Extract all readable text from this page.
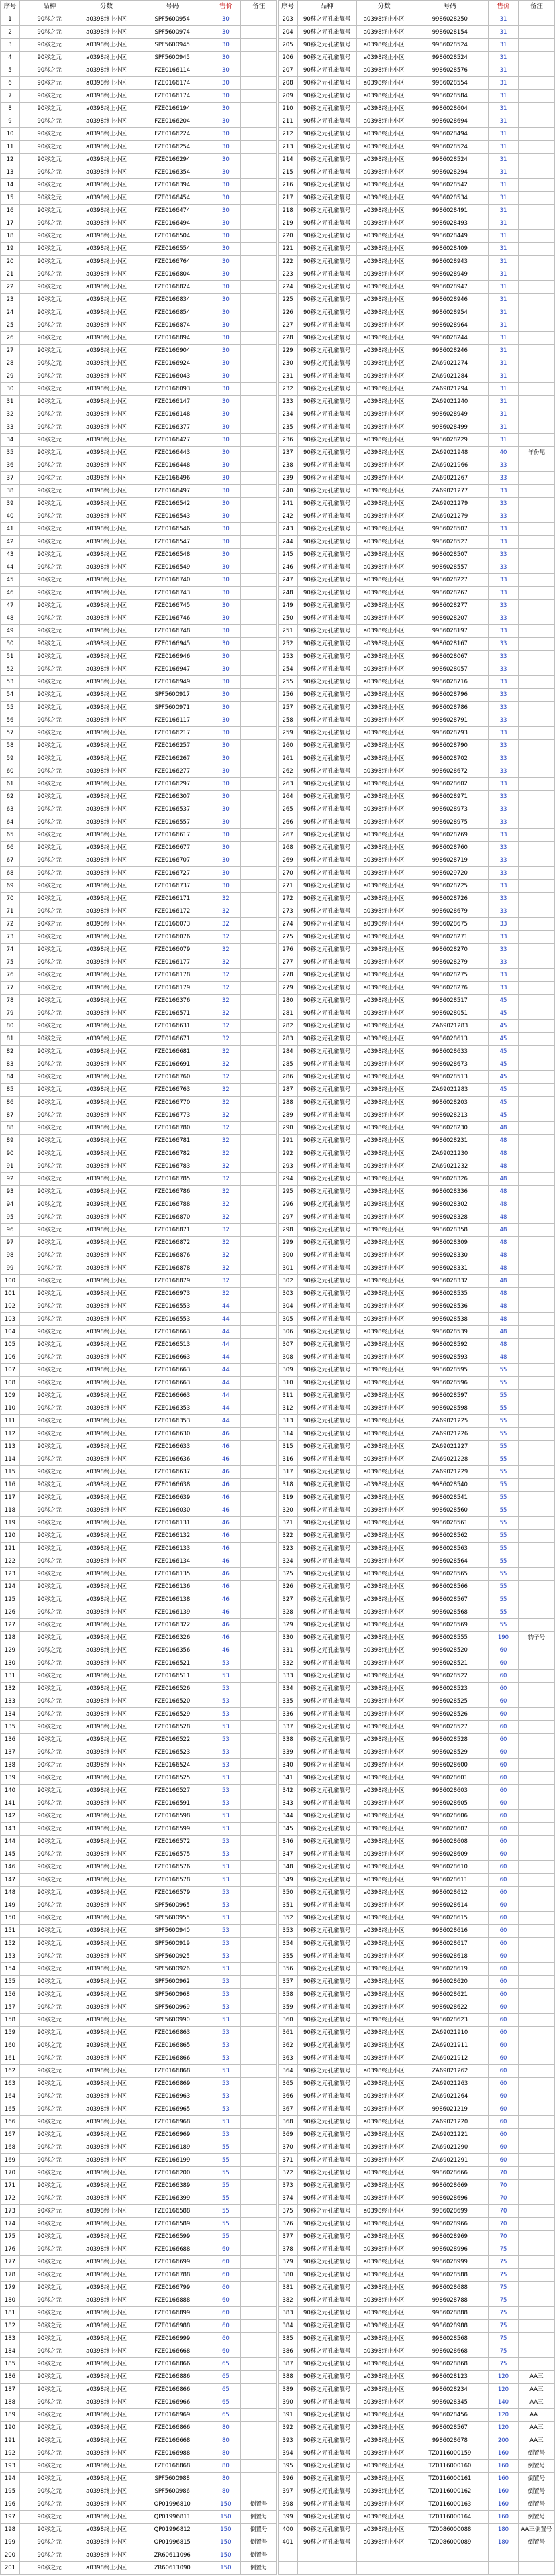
序号	品种	分数	号码	售价	备注		序号	品种	分数	号码	售价	备注
1	90移之元	a0398终止小区	SPF5600954	30			203	90移之元孔雀靓号	a0398终止小区	9986028250	31	
2	90移之元	a0398终止小区	SPF5600974	30			204	90移之元孔雀靓号	a0398终止小区	9986028154	31	
3	90移之元	a0398终止小区	SPF5600945	30			205	90移之元孔雀靓号	a0398终止小区	9986028524	31	
4	90移之元	a0398终止小区	SPF5600945	30			206	90移之元孔雀靓号	a0398终止小区	9986028524	31	
5	90移之元	a0398终止小区	FZE0166114	30			207	90移之元孔雀靓号	a0398终止小区	9986028576	31	
6	90移之元	a0398终止小区	FZE0166174	30			208	90移之元孔雀靓号	a0398终止小区	9986028554	31	
7	90移之元	a0398终止小区	FZE0166174	30			209	90移之元孔雀靓号	a0398终止小区	9986028584	31	
8	90移之元	a0398终止小区	FZE0166194	30			210	90移之元孔雀靓号	a0398终止小区	9986028604	31	
9	90移之元	a0398终止小区	FZE0166204	30			211	90移之元孔雀靓号	a0398终止小区	9986028694	31	
10	90移之元	a0398终止小区	FZE0166224	30			212	90移之元孔雀靓号	a0398终止小区	9986028494	31	
11	90移之元	a0398终止小区	FZE0166254	30			213	90移之元孔雀靓号	a0398终止小区	9986028524	31	
12	90移之元	a0398终止小区	FZE0166294	30			214	90移之元孔雀靓号	a0398终止小区	9986028524	31	
13	90移之元	a0398终止小区	FZE0166354	30			215	90移之元孔雀靓号	a0398终止小区	9986028294	31	
14	90移之元	a0398终止小区	FZE0166394	30			216	90移之元孔雀靓号	a0398终止小区	9986028542	31	
15	90移之元	a0398终止小区	FZE0166454	30			217	90移之元孔雀靓号	a0398终止小区	9986028534	31	
16	90移之元	a0398终止小区	FZE0166474	30			218	90移之元孔雀靓号	a0398终止小区	9986028491	31	
17	90移之元	a0398终止小区	FZE0166494	30			219	90移之元孔雀靓号	a0398终止小区	9986028493	31	
18	90移之元	a0398终止小区	FZE0166504	30			220	90移之元孔雀靓号	a0398终止小区	9986028449	31	
19	90移之元	a0398终止小区	FZE0166554	30			221	90移之元孔雀靓号	a0398终止小区	9986028409	31	
20	90移之元	a0398终止小区	FZE0166764	30			222	90移之元孔雀靓号	a0398终止小区	9986028943	31	
21	90移之元	a0398终止小区	FZE0166804	30			223	90移之元孔雀靓号	a0398终止小区	9986028949	31	
22	90移之元	a0398终止小区	FZE0166824	30			224	90移之元孔雀靓号	a0398终止小区	9986028947	31	
23	90移之元	a0398终止小区	FZE0166834	30			225	90移之元孔雀靓号	a0398终止小区	9986028946	31	
24	90移之元	a0398终止小区	FZE0166854	30			226	90移之元孔雀靓号	a0398终止小区	9986028954	31	
25	90移之元	a0398终止小区	FZE0166874	30			227	90移之元孔雀靓号	a0398终止小区	9986028964	31	
26	90移之元	a0398终止小区	FZE0166894	30			228	90移之元孔雀靓号	a0398终止小区	9986028244	31	
27	90移之元	a0398终止小区	FZE0166904	30			229	90移之元孔雀靓号	a0398终止小区	9986028246	31	
28	90移之元	a0398终止小区	FZE0166924	30			230	90移之元孔雀靓号	a0398终止小区	ZA69021274	31	
29	90移之元	a0398终止小区	FZE0166043	30			231	90移之元孔雀靓号	a0398终止小区	ZA69021284	31	
30	90移之元	a0398终止小区	FZE0166093	30			232	90移之元孔雀靓号	a0398终止小区	ZA69021294	31	
31	90移之元	a0398终止小区	FZE0166147	30			233	90移之元孔雀靓号	a0398终止小区	ZA69021240	31	
32	90移之元	a0398终止小区	FZE0166148	30			234	90移之元孔雀靓号	a0398终止小区	9986028949	31	
33	90移之元	a0398终止小区	FZE0166377	30			235	90移之元孔雀靓号	a0398终止小区	9986028499	31	
34	90移之元	a0398终止小区	FZE0166427	30			236	90移之元孔雀靓号	a0398终止小区	9986028229	31	
35	90移之元	a0398终止小区	FZE0166443	30			237	90移之元孔雀靓号	a0398终止小区	ZA69021948	40	年份尾
36	90移之元	a0398终止小区	FZE0166448	30			238	90移之元孔雀靓号	a0398终止小区	ZA69021966	33	
37	90移之元	a0398终止小区	FZE0166496	30			239	90移之元孔雀靓号	a0398终止小区	ZA69021267	33	
38	90移之元	a0398终止小区	FZE0166497	30			240	90移之元孔雀靓号	a0398终止小区	ZA69021277	33	
39	90移之元	a0398终止小区	FZE0166542	30			241	90移之元孔雀靓号	a0398终止小区	ZA69021279	33	
40	90移之元	a0398终止小区	FZE0166543	30			242	90移之元孔雀靓号	a0398终止小区	ZA69021279	33	
41	90移之元	a0398终止小区	FZE0166546	30			243	90移之元孔雀靓号	a0398终止小区	9986028507	33	
42	90移之元	a0398终止小区	FZE0166547	30			244	90移之元孔雀靓号	a0398终止小区	9986028527	33	
43	90移之元	a0398终止小区	FZE0166548	30			245	90移之元孔雀靓号	a0398终止小区	9986028507	33	
44	90移之元	a0398终止小区	FZE0166549	30			246	90移之元孔雀靓号	a0398终止小区	9986028557	33	
45	90移之元	a0398终止小区	FZE0166740	30			247	90移之元孔雀靓号	a0398终止小区	9986028227	33	
46	90移之元	a0398终止小区	FZE0166743	30			248	90移之元孔雀靓号	a0398终止小区	9986028267	33	
47	90移之元	a0398终止小区	FZE0166745	30			249	90移之元孔雀靓号	a0398终止小区	9986028277	33	
48	90移之元	a0398终止小区	FZE0166746	30			250	90移之元孔雀靓号	a0398终止小区	9986028207	33	
49	90移之元	a0398终止小区	FZE0166748	30			251	90移之元孔雀靓号	a0398终止小区	9986028197	33	
50	90移之元	a0398终止小区	FZE0166945	30			252	90移之元孔雀靓号	a0398终止小区	9986028167	33	
51	90移之元	a0398终止小区	FZE0166946	30			253	90移之元孔雀靓号	a0398终止小区	9986028067	33	
52	90移之元	a0398终止小区	FZE0166947	30			254	90移之元孔雀靓号	a0398终止小区	9986028057	33	
53	90移之元	a0398终止小区	FZE0166949	30			255	90移之元孔雀靓号	a0398终止小区	9986028716	33	
54	90移之元	a0398终止小区	SPF5600917	30			256	90移之元孔雀靓号	a0398终止小区	9986028796	33	
55	90移之元	a0398终止小区	SPF5600971	30			257	90移之元孔雀靓号	a0398终止小区	9986028786	33	
56	90移之元	a0398终止小区	FZE0166117	30			258	90移之元孔雀靓号	a0398终止小区	9986028791	33	
57	90移之元	a0398终止小区	FZE0166217	30			259	90移之元孔雀靓号	a0398终止小区	9986028793	33	
58	90移之元	a0398终止小区	FZE0166257	30			260	90移之元孔雀靓号	a0398终止小区	9986028790	33	
59	90移之元	a0398终止小区	FZE0166267	30			261	90移之元孔雀靓号	a0398终止小区	9986028702	33	
60	90移之元	a0398终止小区	FZE0166277	30			262	90移之元孔雀靓号	a0398终止小区	9986028672	33	
61	90移之元	a0398终止小区	FZE0166297	30			263	90移之元孔雀靓号	a0398终止小区	9986028602	33	
62	90移之元	a0398终止小区	FZE0166307	30			264	90移之元孔雀靓号	a0398终止小区	9986028971	33	
63	90移之元	a0398终止小区	FZE0166537	30			265	90移之元孔雀靓号	a0398终止小区	9986028973	33	
64	90移之元	a0398终止小区	FZE0166557	30			266	90移之元孔雀靓号	a0398终止小区	9986028975	33	
65	90移之元	a0398终止小区	FZE0166617	30			267	90移之元孔雀靓号	a0398终止小区	9986028769	33	
66	90移之元	a0398终止小区	FZE0166677	30			268	90移之元孔雀靓号	a0398终止小区	9986028760	33	
67	90移之元	a0398终止小区	FZE0166707	30			269	90移之元孔雀靓号	a0398终止小区	9986028719	33	
68	90移之元	a0398终止小区	FZE0166727	30			270	90移之元孔雀靓号	a0398终止小区	9986029720	33	
69	90移之元	a0398终止小区	FZE0166737	30			271	90移之元孔雀靓号	a0398终止小区	9986028725	33	
70	90移之元	a0398终止小区	FZE0166171	32			272	90移之元孔雀靓号	a0398终止小区	9986028726	33	
71	90移之元	a0398终止小区	FZE0166172	32			273	90移之元孔雀靓号	a0398终止小区	9986028679	33	
72	90移之元	a0398终止小区	FZE0166073	32			274	90移之元孔雀靓号	a0398终止小区	9986028675	33	
73	90移之元	a0398终止小区	FZE0166076	32			275	90移之元孔雀靓号	a0398终止小区	9986028271	33	
74	90移之元	a0398终止小区	FZE0166079	32			276	90移之元孔雀靓号	a0398终止小区	9986028270	33	
75	90移之元	a0398终止小区	FZE0166177	32			277	90移之元孔雀靓号	a0398终止小区	9986028279	33	
76	90移之元	a0398终止小区	FZE0166178	32			278	90移之元孔雀靓号	a0398终止小区	9986028275	33	
77	90移之元	a0398终止小区	FZE0166179	32			279	90移之元孔雀靓号	a0398终止小区	9986028276	33	
78	90移之元	a0398终止小区	FZE0166376	32			280	90移之元孔雀靓号	a0398终止小区	9986028517	45	
79	90移之元	a0398终止小区	FZE0166571	32			281	90移之元孔雀靓号	a0398终止小区	9986028051	45	
80	90移之元	a0398终止小区	FZE0166631	32			282	90移之元孔雀靓号	a0398终止小区	ZA69021283	45	
81	90移之元	a0398终止小区	FZE0166671	32			283	90移之元孔雀靓号	a0398终止小区	9986028613	45	
82	90移之元	a0398终止小区	FZE0166681	32			284	90移之元孔雀靓号	a0398终止小区	9986028633	45	
83	90移之元	a0398终止小区	FZE0166691	32			285	90移之元孔雀靓号	a0398终止小区	9986028673	45	
84	90移之元	a0398终止小区	FZE0166760	32			286	90移之元孔雀靓号	a0398终止小区	9986028513	45	
85	90移之元	a0398终止小区	FZE0166763	32			287	90移之元孔雀靓号	a0398终止小区	ZA69021283	45	
86	90移之元	a0398终止小区	FZE0166770	32			288	90移之元孔雀靓号	a0398终止小区	9986028203	45	
87	90移之元	a0398终止小区	FZE0166773	32			289	90移之元孔雀靓号	a0398终止小区	9986028213	45	
88	90移之元	a0398终止小区	FZE0166780	32			290	90移之元孔雀靓号	a0398终止小区	9986028230	48	
89	90移之元	a0398终止小区	FZE0166781	32			291	90移之元孔雀靓号	a0398终止小区	9986028231	48	
90	90移之元	a0398终止小区	FZE0166782	32			292	90移之元孔雀靓号	a0398终止小区	ZA69021230	48	
91	90移之元	a0398终止小区	FZE0166783	32			293	90移之元孔雀靓号	a0398终止小区	ZA69021232	48	
92	90移之元	a0398终止小区	FZE0166785	32			294	90移之元孔雀靓号	a0398终止小区	9986028326	48	
93	90移之元	a0398终止小区	FZE0166786	32			295	90移之元孔雀靓号	a0398终止小区	9986028336	48	
94	90移之元	a0398终止小区	FZE0166788	32			296	90移之元孔雀靓号	a0398终止小区	9986028302	48	
95	90移之元	a0398终止小区	FZE0166870	32			297	90移之元孔雀靓号	a0398终止小区	9986028328	48	
96	90移之元	a0398终止小区	FZE0166871	32			298	90移之元孔雀靓号	a0398终止小区	9986028358	48	
97	90移之元	a0398终止小区	FZE0166872	32			299	90移之元孔雀靓号	a0398终止小区	9986028309	48	
98	90移之元	a0398终止小区	FZE0166876	32			300	90移之元孔雀靓号	a0398终止小区	9986028330	48	
99	90移之元	a0398终止小区	FZE0166878	32			301	90移之元孔雀靓号	a0398终止小区	9986028331	48	
100	90移之元	a0398终止小区	FZE0166879	32			302	90移之元孔雀靓号	a0398终止小区	9986028332	48	
101	90移之元	a0398终止小区	FZE0166973	32			303	90移之元孔雀靓号	a0398终止小区	9986028535	48	
102	90移之元	a0398终止小区	FZE0166553	44			304	90移之元孔雀靓号	a0398终止小区	9986028536	48	
103	90移之元	a0398终止小区	FZE0166553	44			305	90移之元孔雀靓号	a0398终止小区	9986028538	48	
104	90移之元	a0398终止小区	FZE0166663	44			306	90移之元孔雀靓号	a0398终止小区	9986028539	48	
105	90移之元	a0398终止小区	FZE0166513	44			307	90移之元孔雀靓号	a0398终止小区	9986028592	48	
106	90移之元	a0398终止小区	FZE0166663	44			308	90移之元孔雀靓号	a0398终止小区	9986028593	48	
107	90移之元	a0398终止小区	FZE0166663	44			309	90移之元孔雀靓号	a0398终止小区	9986028595	55	
108	90移之元	a0398终止小区	FZE0166663	44			310	90移之元孔雀靓号	a0398终止小区	9986028596	55	
109	90移之元	a0398终止小区	FZE0166663	44			311	90移之元孔雀靓号	a0398终止小区	9986028597	55	
110	90移之元	a0398终止小区	FZE0166353	44			312	90移之元孔雀靓号	a0398终止小区	9986028598	55	
111	90移之元	a0398终止小区	FZE0166353	44			313	90移之元孔雀靓号	a0398终止小区	ZA69021225	55	
112	90移之元	a0398终止小区	FZE0166630	46			314	90移之元孔雀靓号	a0398终止小区	ZA69021226	55	
113	90移之元	a0398终止小区	FZE0166633	46			315	90移之元孔雀靓号	a0398终止小区	ZA69021227	55	
114	90移之元	a0398终止小区	FZE0166636	46			316	90移之元孔雀靓号	a0398终止小区	ZA69021228	55	
115	90移之元	a0398终止小区	FZE0166637	46			317	90移之元孔雀靓号	a0398终止小区	ZA69021229	55	
116	90移之元	a0398终止小区	FZE0166638	46			318	90移之元孔雀靓号	a0398终止小区	9986028540	55	
117	90移之元	a0398终止小区	FZE0166639	46			319	90移之元孔雀靓号	a0398终止小区	9986028541	55	
118	90移之元	a0398终止小区	FZE0166030	46			320	90移之元孔雀靓号	a0398终止小区	9986028560	55	
119	90移之元	a0398终止小区	FZE0166131	46			321	90移之元孔雀靓号	a0398终止小区	9986028561	55	
120	90移之元	a0398终止小区	FZE0166132	46			322	90移之元孔雀靓号	a0398终止小区	9986028562	55	
121	90移之元	a0398终止小区	FZE0166133	46			323	90移之元孔雀靓号	a0398终止小区	9986028563	55	
122	90移之元	a0398终止小区	FZE0166134	46			324	90移之元孔雀靓号	a0398终止小区	9986028564	55	
123	90移之元	a0398终止小区	FZE0166135	46			325	90移之元孔雀靓号	a0398终止小区	9986028565	55	
124	90移之元	a0398终止小区	FZE0166136	46			326	90移之元孔雀靓号	a0398终止小区	9986028566	55	
125	90移之元	a0398终止小区	FZE0166138	46			327	90移之元孔雀靓号	a0398终止小区	9986028567	55	
126	90移之元	a0398终止小区	FZE0166139	46			328	90移之元孔雀靓号	a0398终止小区	9986028568	55	
127	90移之元	a0398终止小区	FZE0166322	46			329	90移之元孔雀靓号	a0398终止小区	9986028569	55	
128	90移之元	a0398终止小区	FZE0166326	46			330	90移之元孔雀靓号	a0398终止小区	9986028555	190	豹子号
129	90移之元	a0398终止小区	FZE0166356	46			331	90移之元孔雀靓号	a0398终止小区	9986028520	60	
130	90移之元	a0398终止小区	FZE0166521	53			332	90移之元孔雀靓号	a0398终止小区	9986028521	60	
131	90移之元	a0398终止小区	FZE0166511	53			333	90移之元孔雀靓号	a0398终止小区	9986028522	60	
132	90移之元	a0398终止小区	FZE0166526	53			334	90移之元孔雀靓号	a0398终止小区	9986028523	60	
133	90移之元	a0398终止小区	FZE0166520	53			335	90移之元孔雀靓号	a0398终止小区	9986028525	60	
134	90移之元	a0398终止小区	FZE0166529	53			336	90移之元孔雀靓号	a0398终止小区	9986028526	60	
135	90移之元	a0398终止小区	FZE0166528	53			337	90移之元孔雀靓号	a0398终止小区	9986028527	60	
136	90移之元	a0398终止小区	FZE0166522	53			338	90移之元孔雀靓号	a0398终止小区	9986028528	60	
137	90移之元	a0398终止小区	FZE0166523	53			339	90移之元孔雀靓号	a0398终止小区	9986028529	60	
138	90移之元	a0398终止小区	FZE0166524	53			340	90移之元孔雀靓号	a0398终止小区	9986028600	60	
139	90移之元	a0398终止小区	FZE0166525	53			341	90移之元孔雀靓号	a0398终止小区	9986028601	60	
140	90移之元	a0398终止小区	FZE0166527	53			342	90移之元孔雀靓号	a0398终止小区	9986028603	60	
141	90移之元	a0398终止小区	FZE0166591	53			343	90移之元孔雀靓号	a0398终止小区	9986028605	60	
142	90移之元	a0398终止小区	FZE0166598	53			344	90移之元孔雀靓号	a0398终止小区	9986028606	60	
143	90移之元	a0398终止小区	FZE0166599	53			345	90移之元孔雀靓号	a0398终止小区	9986028607	60	
144	90移之元	a0398终止小区	FZE0166572	53			346	90移之元孔雀靓号	a0398终止小区	9986028608	60	
145	90移之元	a0398终止小区	FZE0166575	53			347	90移之元孔雀靓号	a0398终止小区	9986028609	60	
146	90移之元	a0398终止小区	FZE0166576	53			348	90移之元孔雀靓号	a0398终止小区	9986028610	60	
147	90移之元	a0398终止小区	FZE0166578	53			349	90移之元孔雀靓号	a0398终止小区	9986028611	60	
148	90移之元	a0398终止小区	FZE0166579	53			350	90移之元孔雀靓号	a0398终止小区	9986028612	60	
149	90移之元	a0398终止小区	SPF5600965	53			351	90移之元孔雀靓号	a0398终止小区	9986028614	60	
150	90移之元	a0398终止小区	SPF5600955	53			352	90移之元孔雀靓号	a0398终止小区	9986028615	60	
151	90移之元	a0398终止小区	SPF5600940	53			353	90移之元孔雀靓号	a0398终止小区	9986028616	60	
152	90移之元	a0398终止小区	SPF5600919	53			354	90移之元孔雀靓号	a0398终止小区	9986028617	60	
153	90移之元	a0398终止小区	SPF5600925	53			355	90移之元孔雀靓号	a0398终止小区	9986028618	60	
154	90移之元	a0398终止小区	SPF5600926	53			356	90移之元孔雀靓号	a0398终止小区	9986028619	60	
155	90移之元	a0398终止小区	SPF5600962	53			357	90移之元孔雀靓号	a0398终止小区	9986028620	60	
156	90移之元	a0398终止小区	SPF5600968	53			358	90移之元孔雀靓号	a0398终止小区	9986028621	60	
157	90移之元	a0398终止小区	SPF5600969	53			359	90移之元孔雀靓号	a0398终止小区	9986028622	60	
158	90移之元	a0398终止小区	SPF5600990	53			360	90移之元孔雀靓号	a0398终止小区	9986028623	60	
159	90移之元	a0398终止小区	FZE0166863	53			361	90移之元孔雀靓号	a0398终止小区	ZA69021910	60	
160	90移之元	a0398终止小区	FZE0166865	53			362	90移之元孔雀靓号	a0398终止小区	ZA69021911	60	
161	90移之元	a0398终止小区	FZE0166866	53			363	90移之元孔雀靓号	a0398终止小区	ZA69021912	60	
162	90移之元	a0398终止小区	FZE0166868	53			364	90移之元孔雀靓号	a0398终止小区	ZA69021262	60	
163	90移之元	a0398终止小区	FZE0166869	53			365	90移之元孔雀靓号	a0398终止小区	ZA69021263	60	
164	90移之元	a0398终止小区	FZE0166963	53			366	90移之元孔雀靓号	a0398终止小区	ZA69021264	60	
165	90移之元	a0398终止小区	FZE0166965	53			367	90移之元孔雀靓号	a0398终止小区	9986021219	60	
166	90移之元	a0398终止小区	FZE0166968	53			368	90移之元孔雀靓号	a0398终止小区	ZA69021220	60	
167	90移之元	a0398终止小区	FZE0166969	53			369	90移之元孔雀靓号	a0398终止小区	ZA69021221	60	
168	90移之元	a0398终止小区	FZE0166189	55			370	90移之元孔雀靓号	a0398终止小区	ZA69021290	60	
169	90移之元	a0398终止小区	FZE0166199	55			371	90移之元孔雀靓号	a0398终止小区	ZA69021291	60	
170	90移之元	a0398终止小区	FZE0166200	55			372	90移之元孔雀靓号	a0398终止小区	9986028666	70	
171	90移之元	a0398终止小区	FZE0166389	55			373	90移之元孔雀靓号	a0398终止小区	9986028669	70	
172	90移之元	a0398终止小区	FZE0166399	55			374	90移之元孔雀靓号	a0398终止小区	9986028696	70	
173	90移之元	a0398终止小区	FZE0166588	55			375	90移之元孔雀靓号	a0398终止小区	9986028699	70	
174	90移之元	a0398终止小区	FZE0166589	55			376	90移之元孔雀靓号	a0398终止小区	9986028966	70	
175	90移之元	a0398终止小区	FZE0166599	55			377	90移之元孔雀靓号	a0398终止小区	9986028969	70	
176	90移之元	a0398终止小区	FZE0166688	60			378	90移之元孔雀靓号	a0398终止小区	9986028996	75	
177	90移之元	a0398终止小区	FZE0166699	60			379	90移之元孔雀靓号	a0398终止小区	9986028999	75	
178	90移之元	a0398终止小区	FZE0166788	60			380	90移之元孔雀靓号	a0398终止小区	9986028588	75	
179	90移之元	a0398终止小区	FZE0166799	60			381	90移之元孔雀靓号	a0398终止小区	9986028688	75	
180	90移之元	a0398终止小区	FZE0166888	60			382	90移之元孔雀靓号	a0398终止小区	9986028788	75	
181	90移之元	a0398终止小区	FZE0166899	60			383	90移之元孔雀靓号	a0398终止小区	9986028888	75	
182	90移之元	a0398终止小区	FZE0166988	60			384	90移之元孔雀靓号	a0398终止小区	9986028988	75	
183	90移之元	a0398终止小区	FZE0166999	60			385	90移之元孔雀靓号	a0398终止小区	9986028568	75	
184	90移之元	a0398终止小区	FZE0166668	60			386	90移之元孔雀靓号	a0398终止小区	9986028668	75	
185	90移之元	a0398终止小区	FZE0166866	65			387	90移之元孔雀靓号	a0398终止小区	9986028868	75	
186	90移之元	a0398终止小区	FZE0166886	65			388	90移之元孔雀靓号	a0398终止小区	9986028123	120	AA三
187	90移之元	a0398终止小区	FZE0166866	65			389	90移之元孔雀靓号	a0398终止小区	9986028234	120	AA三
188	90移之元	a0398终止小区	FZE0166966	65			390	90移之元孔雀靓号	a0398终止小区	9986028345	140	AA三
189	90移之元	a0398终止小区	FZE0166969	65			391	90移之元孔雀靓号	a0398终止小区	9986028456	120	AA三
190	90移之元	a0398终止小区	FZE0166866	80			392	90移之元孔雀靓号	a0398终止小区	9986028567	120	AA三
191	90移之元	a0398终止小区	FZE0166668	80			393	90移之元孔雀靓号	a0398终止小区	9986028678	200	AA三
192	90移之元	a0398终止小区	FZE0166988	80			394	90移之元孔雀靓号	a0398终止小区	TZ0116000159	160	倒置号
193	90移之元	a0398终止小区	FZE0166868	80			395	90移之元孔雀靓号	a0398终止小区	TZ0116000160	160	倒置号
194	90移之元	a0398终止小区	SPF5600988	80			396	90移之元孔雀靓号	a0398终止小区	TZ0116000161	160	倒置号
195	90移之元	a0398终止小区	SPF5600986	80			397	90移之元孔雀靓号	a0398终止小区	TZ0116000162	160	倒置号
196	90移之元	a0398终止小区	QP01996810	150	倒置号		398	90移之元孔雀靓号	a0398终止小区	TZ0116000163	160	倒置号
197	90移之元	a0398终止小区	QP01996811	150	倒置号		399	90移之元孔雀靓号	a0398终止小区	TZ0116000164	160	倒置号
198	90移之元	a0398终止小区	QP01996812	150	倒置号		400	90移之元孔雀靓号	a0398终止小区	TZ0086000088	180	AA三倒置号
199	90移之元	a0398终止小区	QP01996815	150	倒置号		401	90移之元孔雀靓号	a0398终止小区	TZ0086000089	180	倒置号
200	90移之元	a0398终止小区	ZR60611096	150	倒置号							
201	90移之元	a0398终止小区	ZR60611090	150	倒置号							
